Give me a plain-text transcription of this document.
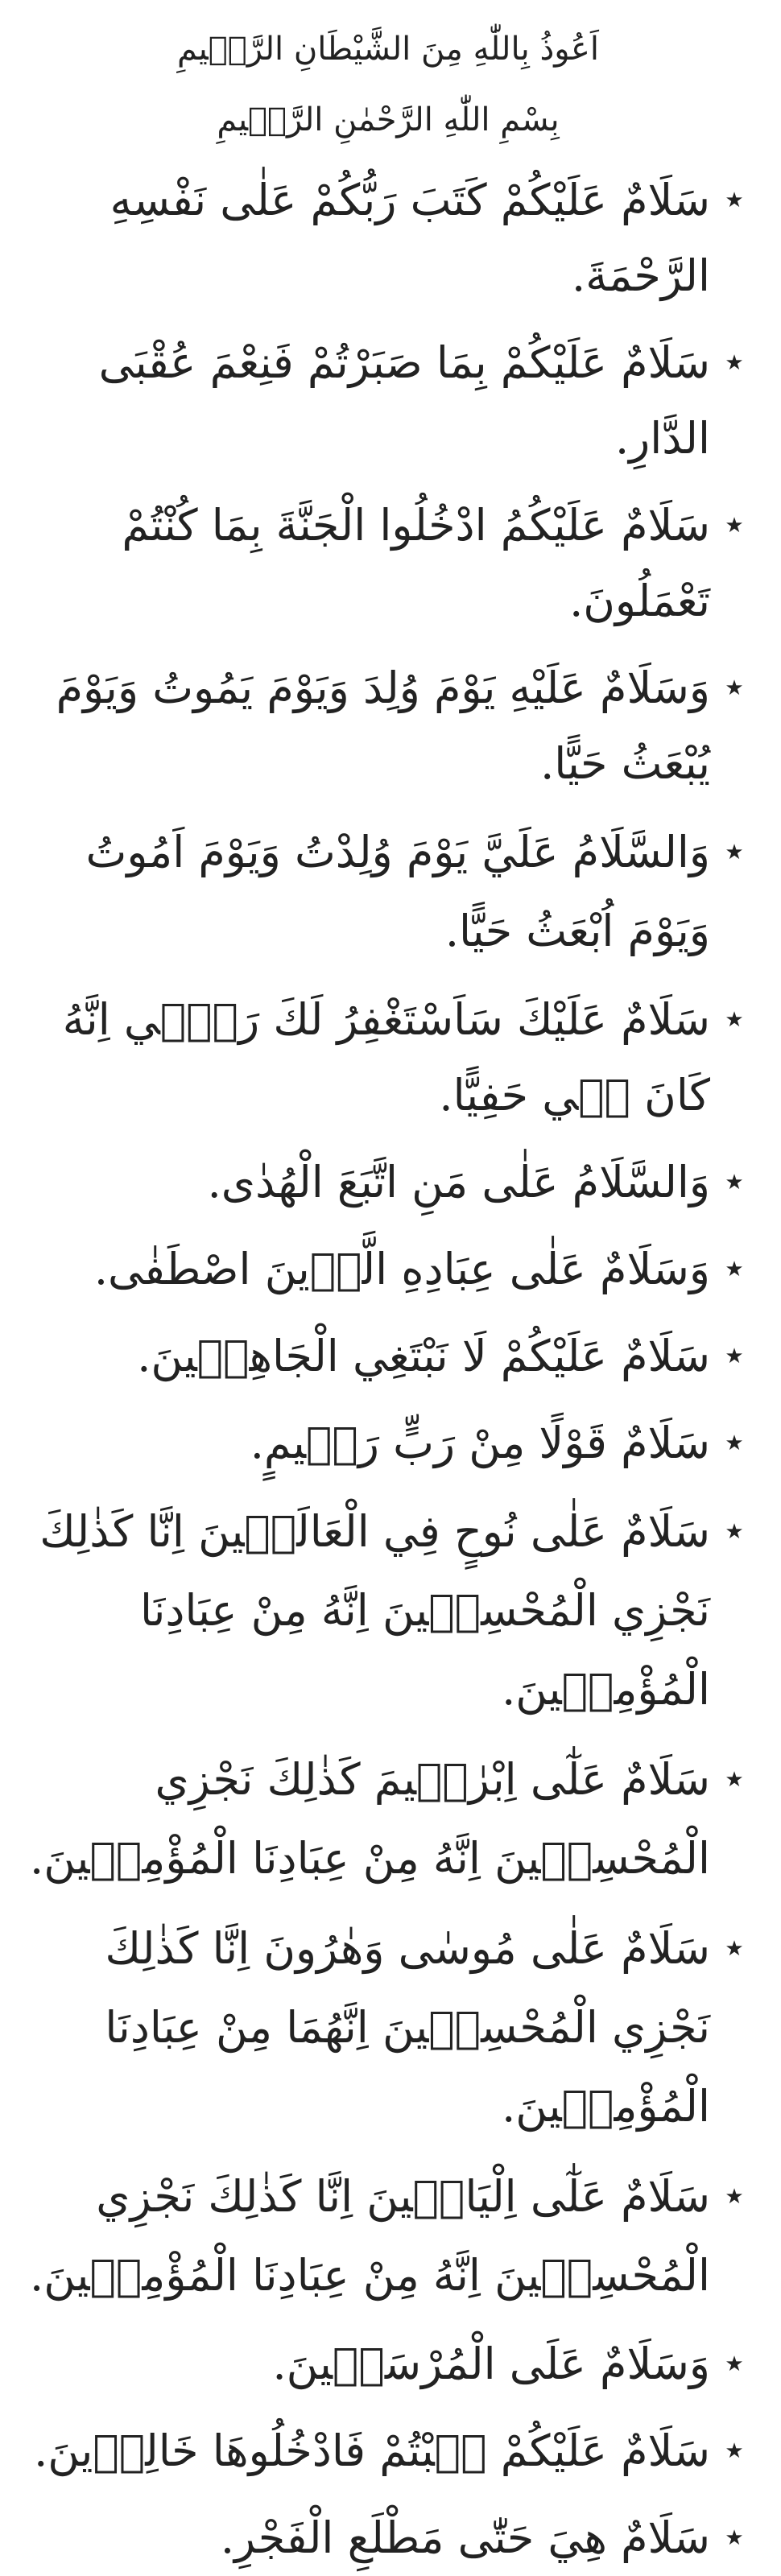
اَعُوذُ بِاللّٰهِ مِنَ الشَّيْطَانِ الرَّج۪يمِ
بِسْمِ اللّٰهِ الرَّحْمٰنِ الرَّح۪يمِ
★
سَلَامٌ عَلَيْكُمْ كَتَبَ رَبُّكُمْ عَلٰى نَفْسِهِ الرَّحْمَةَ.
★
سَلَامٌ عَلَيْكُمْ بِمَا صَبَرْتُمْ فَنِعْمَ عُقْبَى الدَّارِ.
★
سَلَامٌ عَلَيْكُمُ ادْخُلُوا الْجَنَّةَ بِمَا كُنْتُمْ تَعْمَلُونَ.
★
وَسَلَامٌ عَلَيْهِ يَوْمَ وُلِدَ وَيَوْمَ يَمُوتُ وَيَوْمَ يُبْعَثُ حَيًّا.
★
وَالسَّلَامُ عَلَيَّ يَوْمَ وُلِدْتُ وَيَوْمَ اَمُوتُ وَيَوْمَ اُبْعَثُ حَيًّا.
★
سَلَامٌ عَلَيْكَ سَاَسْتَغْفِرُ لَكَ رَبّ۪ي اِنَّهُ كَانَ ب۪ي حَفِيًّا.
★
وَالسَّلَامُ عَلٰى مَنِ اتَّبَعَ الْهُدٰى.
★
وَسَلَامٌ عَلٰى عِبَادِهِ الَّذ۪ينَ اصْطَفٰى.
★
سَلَامٌ عَلَيْكُمْ لَا نَبْتَغِي الْجَاهِل۪ينَ.
★
سَلَامٌ قَوْلًا مِنْ رَبٍّ رَح۪يمٍ.
★
سَلَامٌ عَلٰى نُوحٍ فِي الْعَالَم۪ينَ اِنَّا كَذٰلِكَ نَجْزِي الْمُحْسِن۪ينَ اِنَّهُ مِنْ عِبَادِنَا الْمُؤْمِن۪ينَ.
★
سَلَامٌ عَلٰٓى اِبْرٰه۪يمَ كَذٰلِكَ نَجْزِي الْمُحْسِن۪ينَ اِنَّهُ مِنْ عِبَادِنَا الْمُؤْمِن۪ينَ.
★
سَلَامٌ عَلٰى مُوسٰى وَهٰرُونَ اِنَّا كَذٰلِكَ نَجْزِي الْمُحْسِن۪ينَ اِنَّهُمَا مِنْ عِبَادِنَا الْمُؤْمِن۪ينَ.
★
سَلَامٌ عَلٰٓى اِلْيَاس۪ينَ اِنَّا كَذٰلِكَ نَجْزِي الْمُحْسِن۪ينَ اِنَّهُ مِنْ عِبَادِنَا الْمُؤْمِن۪ينَ.
★
وَسَلَامٌ عَلَى الْمُرْسَل۪ينَ.
★
سَلَامٌ عَلَيْكُمْ ط۪بْتُمْ فَادْخُلُوهَا خَالِد۪ينَ.
★
سَلَامٌ هِيَ حَتّٰى مَطْلَعِ الْفَجْرِ.
